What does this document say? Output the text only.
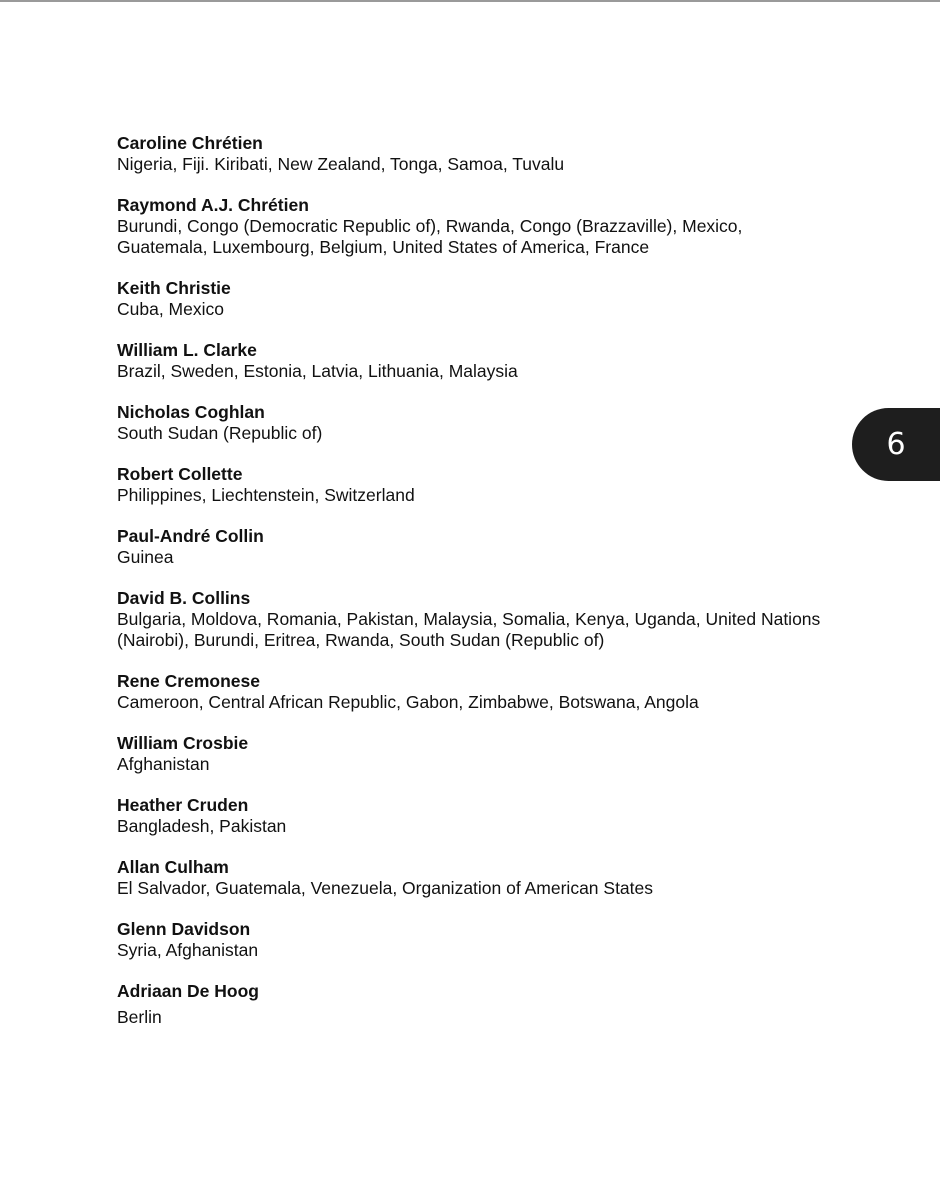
Caroline Chrétien
Nigeria, Fiji. Kiribati, New Zealand, Tonga, Samoa, Tuvalu
Raymond A.J. Chrétien
Burundi, Congo (Democratic Republic of), Rwanda, Congo (Brazzaville), Mexico, Guatemala, Luxembourg, Belgium, United States of America, France
Keith Christie
Cuba, Mexico
William L. Clarke
Brazil, Sweden, Estonia, Latvia, Lithuania, Malaysia
Nicholas Coghlan
South Sudan (Republic of)
Robert Collette
Philippines, Liechtenstein, Switzerland
Paul-André Collin
Guinea
David B. Collins
Bulgaria, Moldova, Romania, Pakistan, Malaysia, Somalia, Kenya, Uganda, United Nations (Nairobi), Burundi, Eritrea, Rwanda, South Sudan (Republic of)
Rene Cremonese
Cameroon, Central African Republic, Gabon, Zimbabwe, Botswana, Angola
William Crosbie
Afghanistan
Heather Cruden
Bangladesh, Pakistan
Allan Culham
El Salvador, Guatemala, Venezuela, Organization of American States
Glenn Davidson
Syria, Afghanistan
Adriaan De Hoog
Berlin
6
